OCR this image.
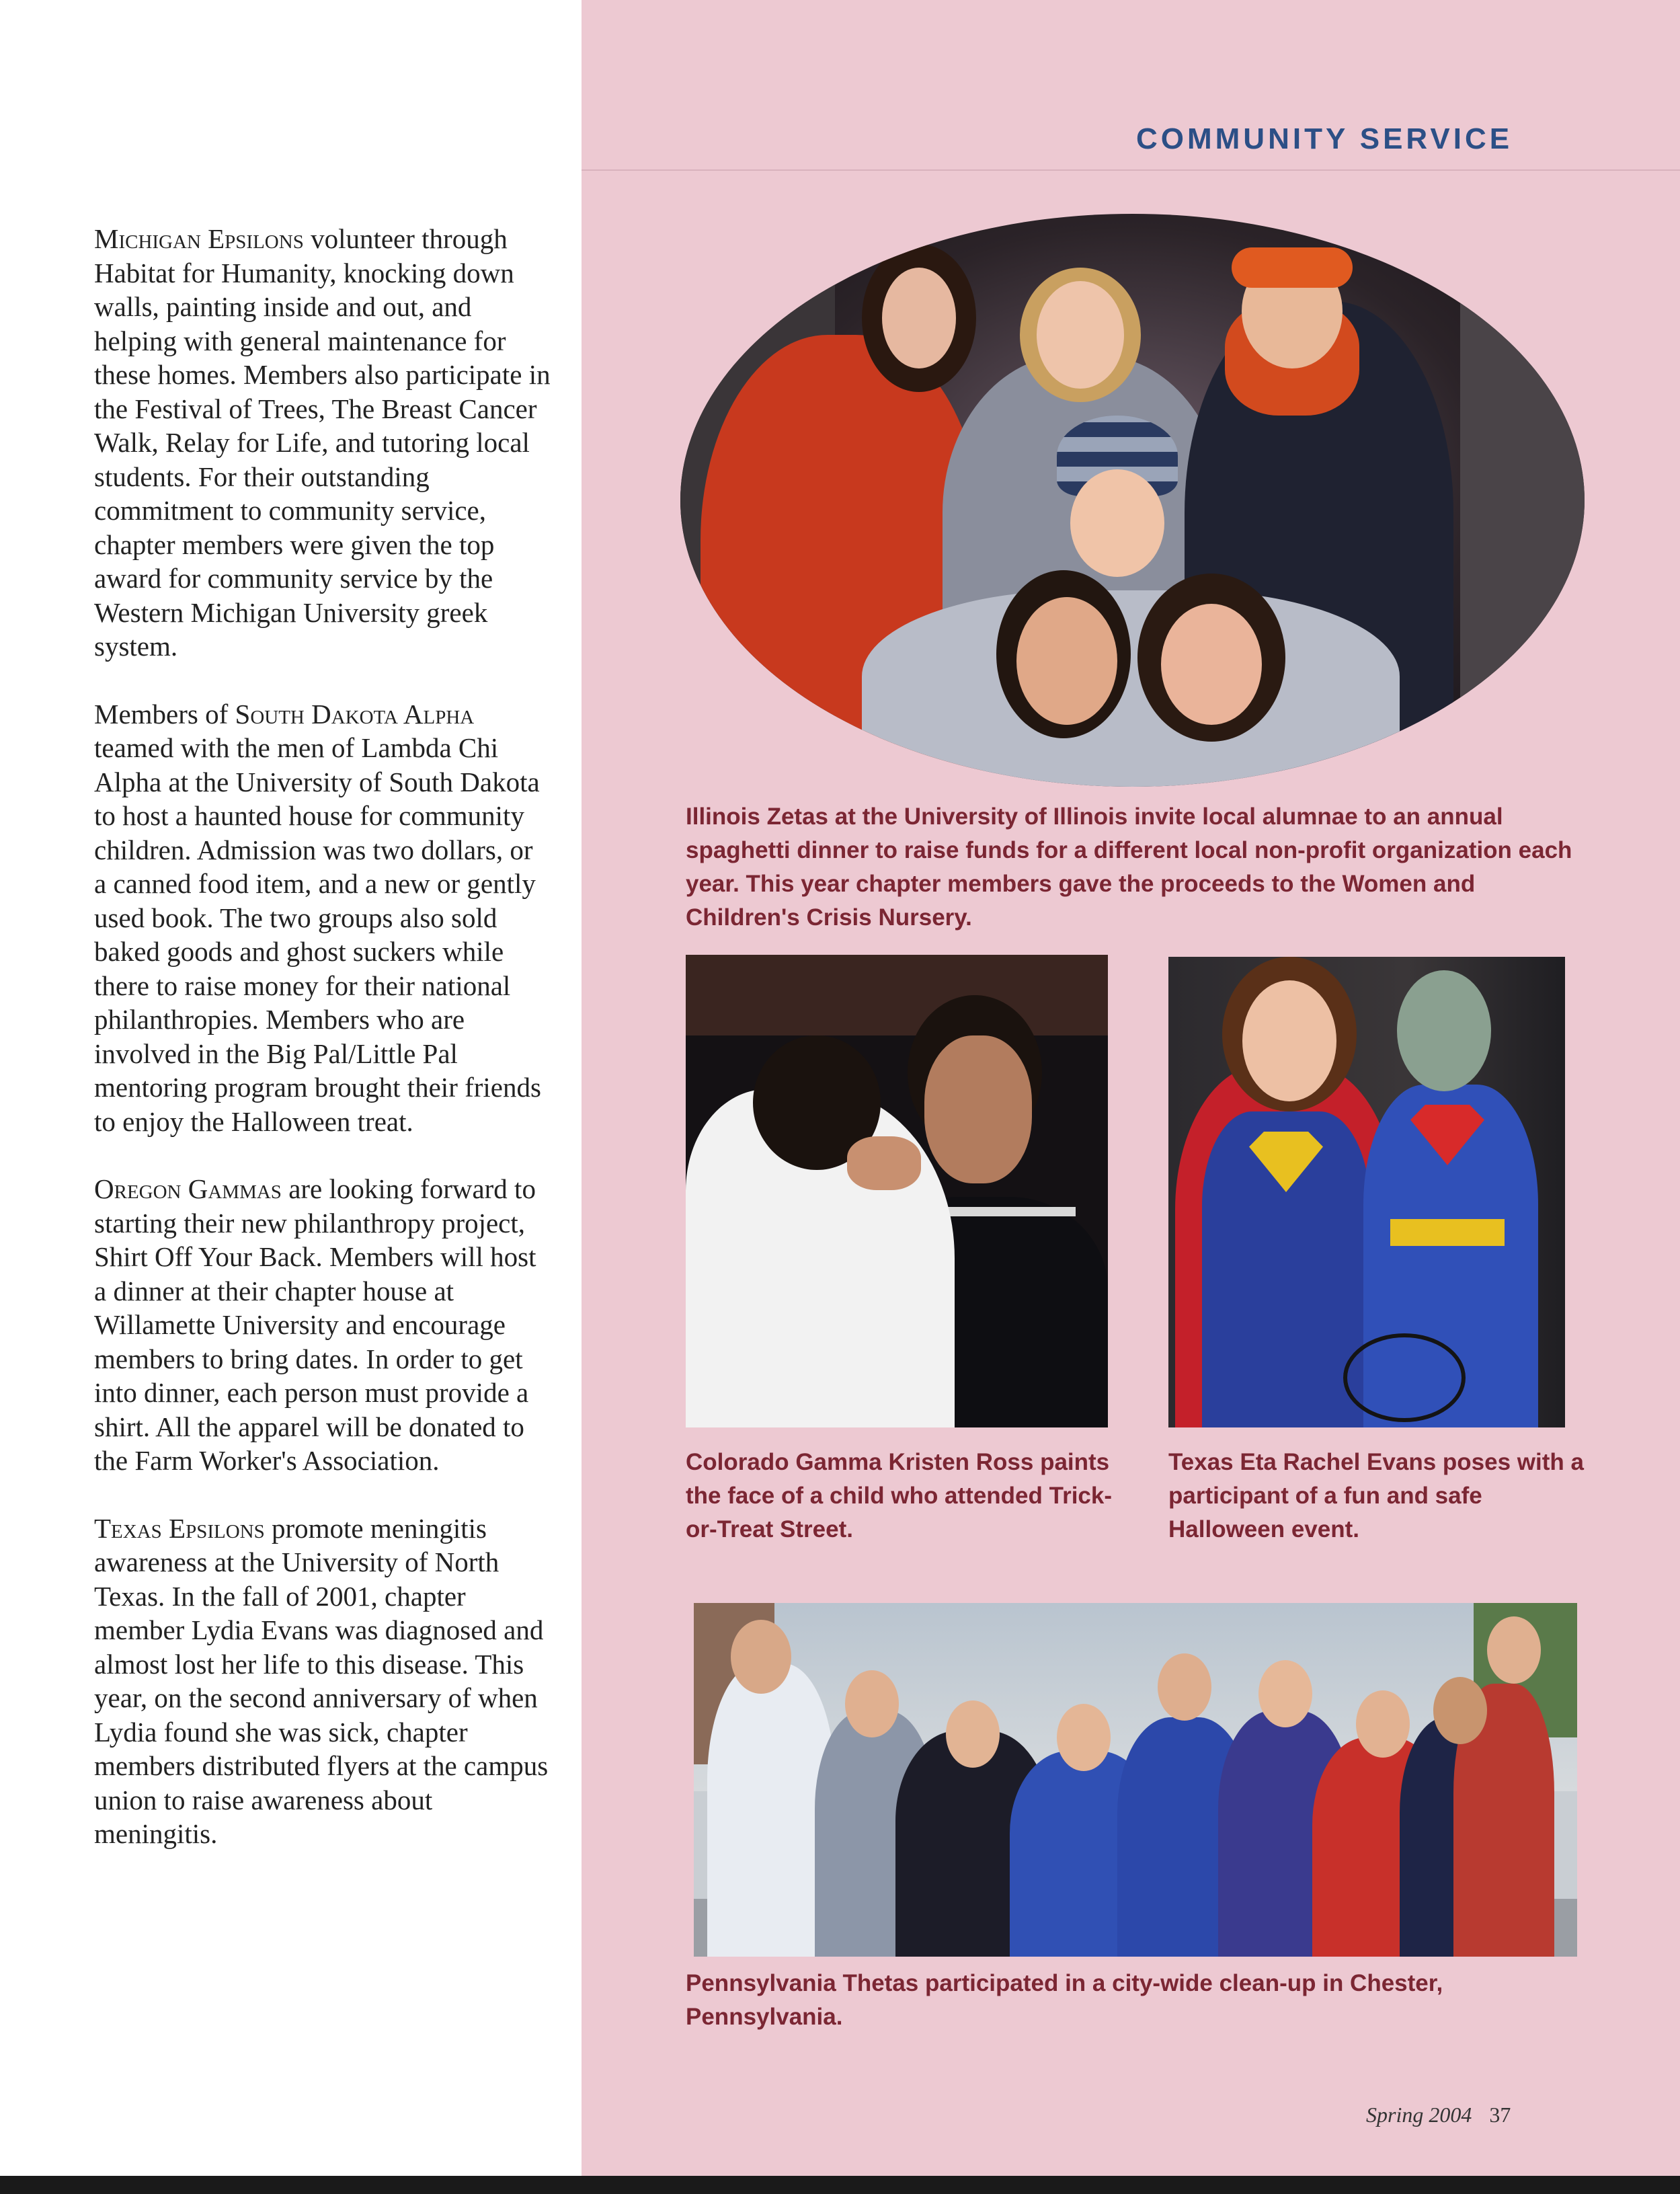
COMMUNITY SERVICE

Michigan Epsilons volunteer through Habitat for Humanity, knocking down walls, painting inside and out, and helping with general maintenance for these homes. Members also participate in the Festival of Trees, The Breast Cancer Walk, Relay for Life, and tutoring local students. For their outstanding commitment to community service, chapter members were given the top award for community service by the Western Michigan University greek system.

Members of South Dakota Alpha teamed with the men of Lambda Chi Alpha at the University of South Dakota to host a haunted house for community children. Admission was two dollars, or a canned food item, and a new or gently used book. The two groups also sold baked goods and ghost suckers while there to raise money for their national philanthropies. Members who are involved in the Big Pal/Little Pal mentoring program brought their friends to enjoy the Halloween treat.

Oregon Gammas are looking forward to starting their new philanthropy project, Shirt Off Your Back. Members will host a dinner at their chapter house at Willamette University and encourage members to bring dates. In order to get into dinner, each person must provide a shirt. All the apparel will be donated to the Farm Worker's Association.

Texas Epsilons promote meningitis awareness at the University of North Texas. In the fall of 2001, chapter member Lydia Evans was diagnosed and almost lost her life to this disease. This year, on the second anniversary of when Lydia found she was sick, chapter members distributed flyers at the campus union to raise awareness about meningitis.

Illinois Zetas at the University of Illinois invite local alumnae to an annual spaghetti dinner to raise funds for a different local non-profit organization each year. This year chapter members gave the proceeds to the Women and Children's Crisis Nursery.

Colorado Gamma Kristen Ross paints the face of a child who attended Trick-or-Treat Street.

Texas Eta Rachel Evans poses with a participant of a fun and safe Halloween event.

Pennsylvania Thetas participated in a city-wide clean-up in Chester, Pennsylvania.

Spring 2004 37
